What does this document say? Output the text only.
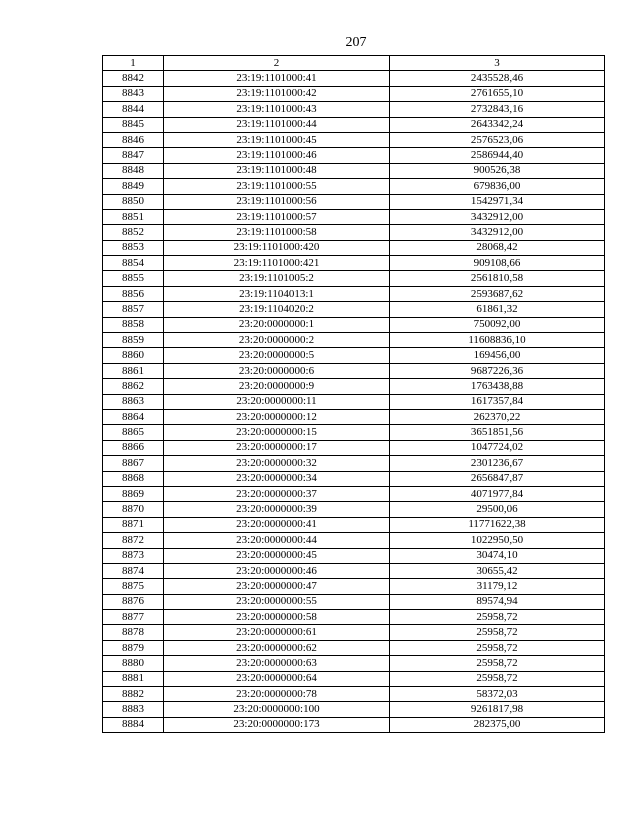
207
1	2	3
8842	23:19:1101000:41	2435528,46
8843	23:19:1101000:42	2761655,10
8844	23:19:1101000:43	2732843,16
8845	23:19:1101000:44	2643342,24
8846	23:19:1101000:45	2576523,06
8847	23:19:1101000:46	2586944,40
8848	23:19:1101000:48	900526,38
8849	23:19:1101000:55	679836,00
8850	23:19:1101000:56	1542971,34
8851	23:19:1101000:57	3432912,00
8852	23:19:1101000:58	3432912,00
8853	23:19:1101000:420	28068,42
8854	23:19:1101000:421	909108,66
8855	23:19:1101005:2	2561810,58
8856	23:19:1104013:1	2593687,62
8857	23:19:1104020:2	61861,32
8858	23:20:0000000:1	750092,00
8859	23:20:0000000:2	11608836,10
8860	23:20:0000000:5	169456,00
8861	23:20:0000000:6	9687226,36
8862	23:20:0000000:9	1763438,88
8863	23:20:0000000:11	1617357,84
8864	23:20:0000000:12	262370,22
8865	23:20:0000000:15	3651851,56
8866	23:20:0000000:17	1047724,02
8867	23:20:0000000:32	2301236,67
8868	23:20:0000000:34	2656847,87
8869	23:20:0000000:37	4071977,84
8870	23:20:0000000:39	29500,06
8871	23:20:0000000:41	11771622,38
8872	23:20:0000000:44	1022950,50
8873	23:20:0000000:45	30474,10
8874	23:20:0000000:46	30655,42
8875	23:20:0000000:47	31179,12
8876	23:20:0000000:55	89574,94
8877	23:20:0000000:58	25958,72
8878	23:20:0000000:61	25958,72
8879	23:20:0000000:62	25958,72
8880	23:20:0000000:63	25958,72
8881	23:20:0000000:64	25958,72
8882	23:20:0000000:78	58372,03
8883	23:20:0000000:100	9261817,98
8884	23:20:0000000:173	282375,00
